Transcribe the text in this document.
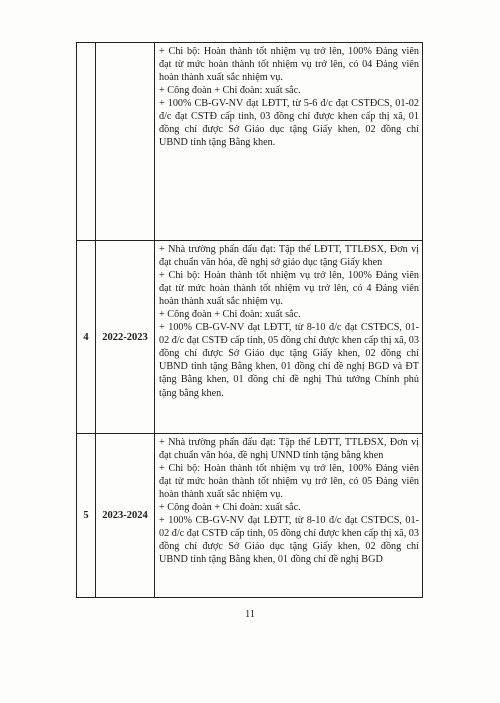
		+ Chi bộ: Hoàn thành tốt nhiệm vụ trở lên, 100% Đảng viên đạt từ mức hoàn thành tốt nhiệm vụ trở lên, có 04 Đảng viên hoàn thành xuất sắc nhiệm vụ.

+ Công đoàn + Chi đoàn: xuất sắc.

+ 100% CB-GV-NV đạt LĐTT, từ 5-6 đ/c đạt CSTĐCS, 01-02 đ/c đạt CSTĐ cấp tỉnh, 03 đồng chí được khen cấp thị xã, 01 đồng chí được Sở Giáo dục tặng Giấy khen, 02 đồng chí UBND tỉnh tặng Bằng khen.

4	2022-2023	+ Nhà trường phấn đấu đạt: Tập thể LĐTT, TTLĐSX, Đơn vị đạt chuẩn văn hóa, đề nghị sở giáo dục tặng Giấy khen

+ Chi bộ: Hoàn thành tốt nhiệm vụ trở lên, 100% Đảng viên đạt từ mức hoàn thành tốt nhiệm vụ trở lên, có 4 Đảng viên hoàn thành xuất sắc nhiệm vụ.

+ Công đoàn + Chi đoàn: xuất sắc.

+ 100% CB-GV-NV đạt LĐTT, từ 8-10 đ/c đạt CSTĐCS, 01-02 đ/c đạt CSTĐ cấp tỉnh, 05 đồng chí được khen cấp thị xã, 03 đồng chí được Sở Giáo dục tặng Giấy khen, 02 đồng chí UBND tỉnh tặng Bằng khen, 01 đồng chí đề nghị BGD và ĐT tặng Bằng khen, 01 đồng chí đề nghị Thủ tướng Chính phủ tặng bằng khen.

5	2023-2024	+ Nhà trường phấn đấu đạt: Tập thể LĐTT, TTLĐSX, Đơn vị đạt chuẩn văn hóa, đề nghị UNND tỉnh tặng bằng khen

+ Chi bộ: Hoàn thành tốt nhiệm vụ trở lên, 100% Đảng viên đạt từ mức hoàn thành tốt nhiệm vụ trở lên, có 05 Đảng viên hoàn thành xuất sắc nhiệm vụ.

+ Công đoàn + Chi đoàn: xuất sắc.

+ 100% CB-GV-NV đạt LĐTT, từ 8-10 đ/c đạt CSTĐCS, 01-02 đ/c đạt CSTĐ cấp tỉnh, 05 đồng chí được khen cấp thị xã, 03 đồng chí được Sở Giáo dục tặng Giấy khen, 02 đồng chí UBND tỉnh tặng Bằng khen, 01 đồng chí đề nghị BGD

11
